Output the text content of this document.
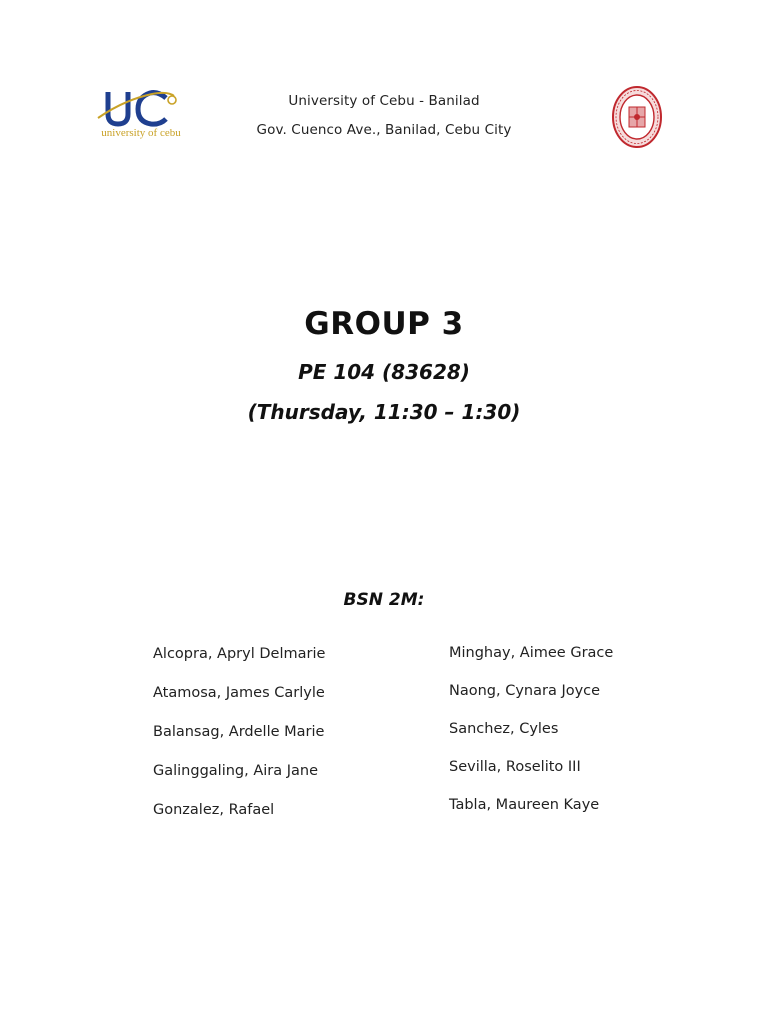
university of cebu
University of Cebu - Banilad
Gov. Cuenco Ave., Banilad, Cebu City
GROUP 3
PE 104 (83628)
(Thursday, 11:30 – 1:30)
BSN 2M:
Alcopra, Apryl Delmarie
Atamosa, James Carlyle
Balansag, Ardelle Marie
Galinggaling, Aira Jane
Gonzalez, Rafael
Minghay, Aimee Grace
Naong, Cynara Joyce
Sanchez, Cyles
Sevilla, Roselito III
Tabla, Maureen Kaye
